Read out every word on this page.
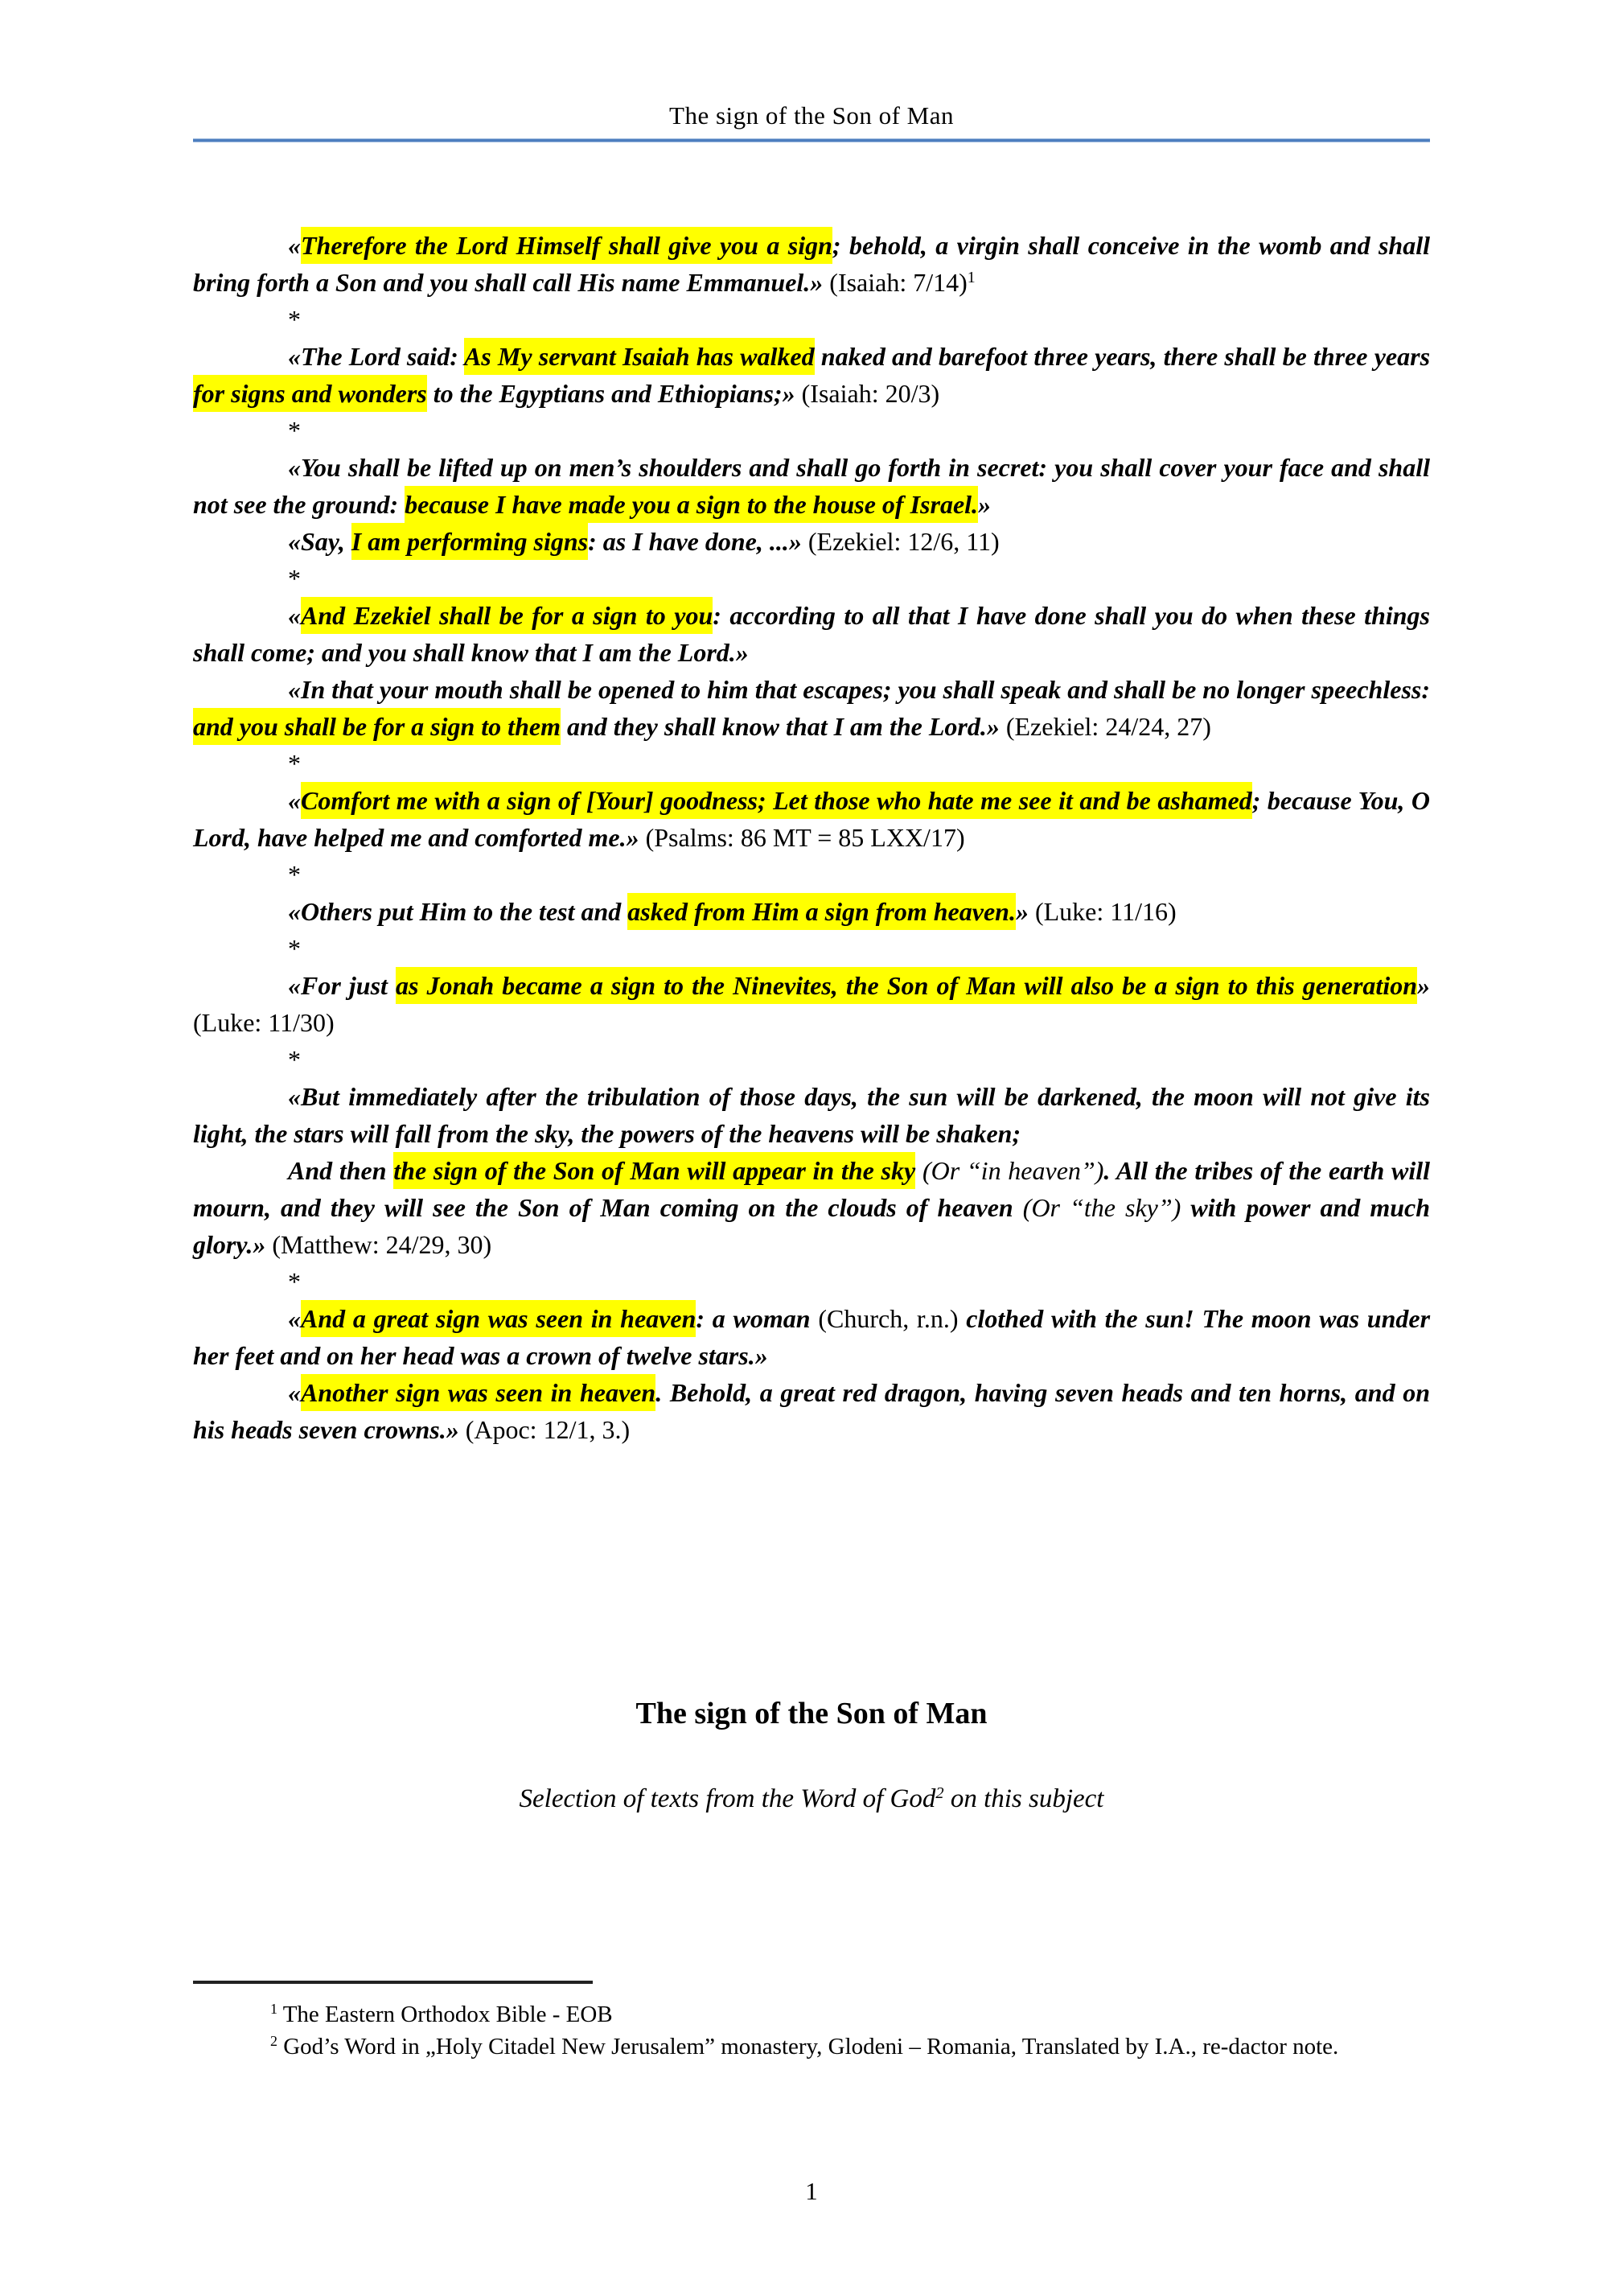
The sign of the Son of Man

«Therefore the Lord Himself shall give you a sign; behold, a virgin shall conceive in the womb and shall bring forth a Son and you shall call His name Emmanuel.» (Isaiah: 7/14)$^1$

*

«The Lord said: As My servant Isaiah has walked naked and barefoot three years, there shall be three years for signs and wonders to the Egyptians and Ethiopians;» (Isaiah: 20/3)

*

«You shall be lifted up on men’s shoulders and shall go forth in secret: you shall cover your face and shall not see the ground: because I have made you a sign to the house of Israel.»

«Say, I am performing signs: as I have done, ...» (Ezekiel: 12/6, 11)

*

«And Ezekiel shall be for a sign to you: according to all that I have done shall you do when these things shall come; and you shall know that I am the Lord.»

«In that your mouth shall be opened to him that escapes; you shall speak and shall be no longer speechless: and you shall be for a sign to them and they shall know that I am the Lord.» (Ezekiel: 24/24, 27)

*

«Comfort me with a sign of [Your] goodness; Let those who hate me see it and be ashamed; because You, O Lord, have helped me and comforted me.» (Psalms: 86 MT = 85 LXX/17)

*

«Others put Him to the test and asked from Him a sign from heaven.» (Luke: 11/16)

*

«For just as Jonah became a sign to the Ninevites, the Son of Man will also be a sign to this generation» (Luke: 11/30)

*

«But immediately after the tribulation of those days, the sun will be darkened, the moon will not give its light, the stars will fall from the sky, the powers of the heavens will be shaken;

And then the sign of the Son of Man will appear in the sky (Or “in heaven”). All the tribes of the earth will mourn, and they will see the Son of Man coming on the clouds of heaven (Or “the sky”) with power and much glory.» (Matthew: 24/29, 30)

*

«And a great sign was seen in heaven: a woman (Church, r.n.) clothed with the sun! The moon was under her feet and on her head was a crown of twelve stars.»

«Another sign was seen in heaven. Behold, a great red dragon, having seven heads and ten horns, and on his heads seven crowns.» (Apoc: 12/1, 3.)

The sign of the Son of Man
Selection of texts from the Word of God$^2$ on this subject

$^1$ The Eastern Orthodox Bible - EOB

$^2$ God’s Word in „Holy Citadel New Jerusalem” monastery, Glodeni – Romania, Translated by I.A., re-dactor note.

1
